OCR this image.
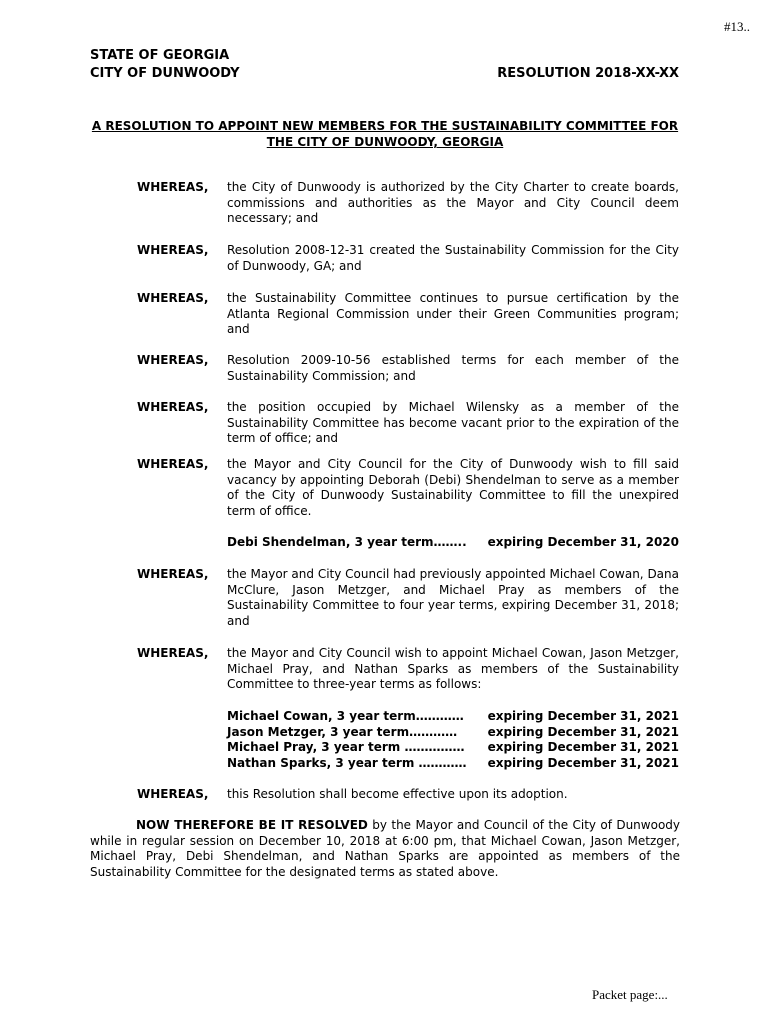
#13..
STATE OF GEORGIA
CITY OF DUNWOODY	RESOLUTION 2018-XX-XX
A RESOLUTION TO APPOINT NEW MEMBERS FOR THE SUSTAINABILITY COMMITTEE FOR THE CITY OF DUNWOODY, GEORGIA
WHEREAS, the City of Dunwoody is authorized by the City Charter to create boards, commissions and authorities as the Mayor and City Council deem necessary; and
WHEREAS, Resolution 2008-12-31 created the Sustainability Commission for the City of Dunwoody, GA; and
WHEREAS, the Sustainability Committee continues to pursue certification by the Atlanta Regional Commission under their Green Communities program; and
WHEREAS, Resolution 2009-10-56 established terms for each member of the Sustainability Commission; and
WHEREAS, the position occupied by Michael Wilensky as a member of the Sustainability Committee has become vacant prior to the expiration of the term of office; and
WHEREAS, the Mayor and City Council for the City of Dunwoody wish to fill said vacancy by appointing Deborah (Debi) Shendelman to serve as a member of the City of Dunwoody Sustainability Committee to fill the unexpired term of office.
Debi Shendelman, 3 year term…….. expiring December 31, 2020
WHEREAS, the Mayor and City Council had previously appointed Michael Cowan, Dana McClure, Jason Metzger, and Michael Pray as members of the Sustainability Committee to four year terms, expiring December 31, 2018; and
WHEREAS, the Mayor and City Council wish to appoint Michael Cowan, Jason Metzger, Michael Pray, and Nathan Sparks as members of the Sustainability Committee to three-year terms as follows:
Michael Cowan, 3 year term………… expiring December 31, 2021
Jason Metzger, 3 year term…………	expiring December 31, 2021
Michael Pray, 3 year term …………… expiring December 31, 2021
Nathan Sparks, 3 year term ………… expiring December 31, 2021
WHEREAS, this Resolution shall become effective upon its adoption.
NOW THEREFORE BE IT RESOLVED by the Mayor and Council of the City of Dunwoody while in regular session on December 10, 2018 at 6:00 pm, that Michael Cowan, Jason Metzger, Michael Pray, Debi Shendelman, and Nathan Sparks are appointed as members of the Sustainability Committee for the designated terms as stated above.
Packet page:...
